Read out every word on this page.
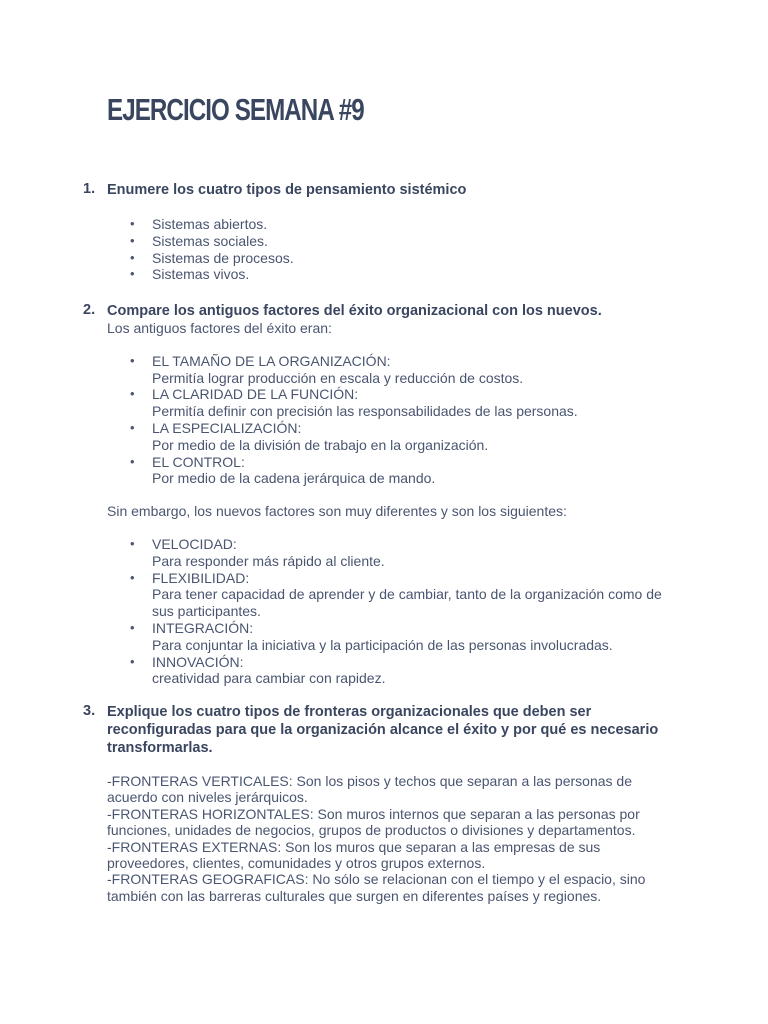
EJERCICIO SEMANA #9
1. Enumere los cuatro tipos de pensamiento sistémico
• Sistemas abiertos.
• Sistemas sociales.
• Sistemas de procesos.
• Sistemas vivos.
2. Compare los antiguos factores del éxito organizacional con los nuevos.
Los antiguos factores del éxito eran:
• EL TAMAÑO DE LA ORGANIZACIÓN:
Permitía lograr producción en escala y reducción de costos.
• LA CLARIDAD DE LA FUNCIÓN:
Permitía definir con precisión las responsabilidades de las personas.
• LA ESPECIALIZACIÓN:
Por medio de la división de trabajo en la organización.
• EL CONTROL:
Por medio de la cadena jerárquica de mando.
Sin embargo, los nuevos factores son muy diferentes y son los siguientes:
• VELOCIDAD:
Para responder más rápido al cliente.
• FLEXIBILIDAD:
Para tener capacidad de aprender y de cambiar, tanto de la organización como de sus participantes.
• INTEGRACIÓN:
Para conjuntar la iniciativa y la participación de las personas involucradas.
• INNOVACIÓN:
creatividad para cambiar con rapidez.
3. Explique los cuatro tipos de fronteras organizacionales que deben ser reconfiguradas para que la organización alcance el éxito y por qué es necesario transformarlas.
-FRONTERAS VERTICALES: Son los pisos y techos que separan a las personas de acuerdo con niveles jerárquicos.
-FRONTERAS HORIZONTALES: Son muros internos que separan a las personas por funciones, unidades de negocios, grupos de productos o divisiones y departamentos.
-FRONTERAS EXTERNAS: Son los muros que separan a las empresas de sus proveedores, clientes, comunidades y otros grupos externos.
-FRONTERAS GEOGRAFICAS: No sólo se relacionan con el tiempo y el espacio, sino también con las barreras culturales que surgen en diferentes países y regiones.
